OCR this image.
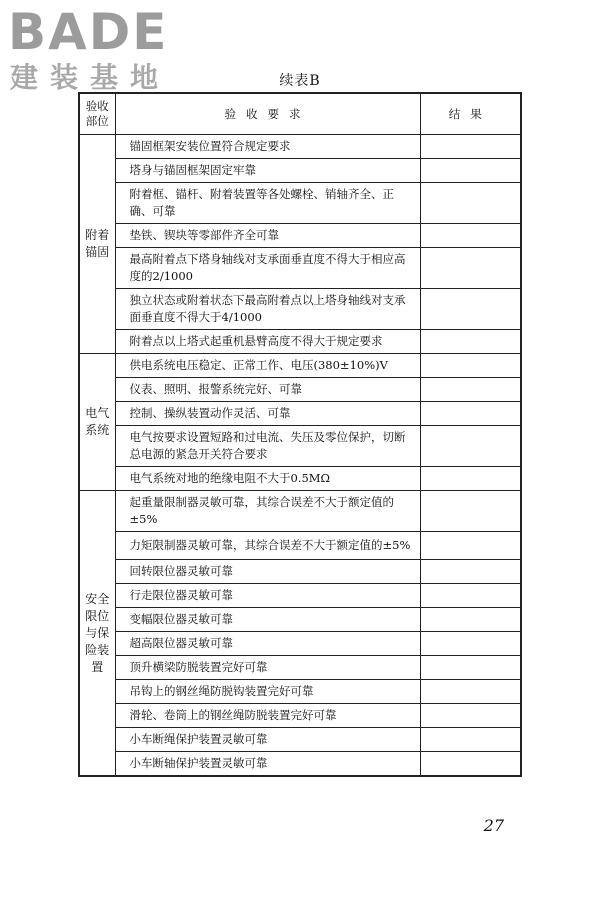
BADE
建装基地	续表B
验收部位	验收要求	结果
附着锚固	锚固框架安装位置符合规定要求	
	塔身与锚固框架固定牢靠	
	附着框、锚杆、附着装置等各处螺栓、销轴齐全、正确、可靠	
	垫铁、锲块等零部件齐全可靠	
	最高附着点下塔身轴线对支承面垂直度不得大于相应高度的2/1000	
	独立状态或附着状态下最高附着点以上塔身轴线对支承面垂直度不得大于4/1000	
	附着点以上塔式起重机悬臂高度不得大于规定要求	
电气系统	供电系统电压稳定、正常工作、电压(380±10%)V	
	仪表、照明、报警系统完好、可靠	
	控制、操纵装置动作灵活、可靠	
	电气按要求设置短路和过电流、失压及零位保护，切断总电源的紧急开关符合要求	
	电气系统对地的绝缘电阻不大于0.5MΩ	
安全限位与保险装置	起重量限制器灵敏可靠，其综合误差不大于额定值的±5%	
	力矩限制器灵敏可靠，其综合误差不大于额定值的±5%	
	回转限位器灵敏可靠	
	行走限位器灵敏可靠	
	变幅限位器灵敏可靠	
	超高限位器灵敏可靠	
	顶升横梁防脱装置完好可靠	
	吊钩上的钢丝绳防脱钩装置完好可靠	
	滑轮、卷筒上的钢丝绳防脱装置完好可靠	
	小车断绳保护装置灵敏可靠	
	小车断轴保护装置灵敏可靠	
27
